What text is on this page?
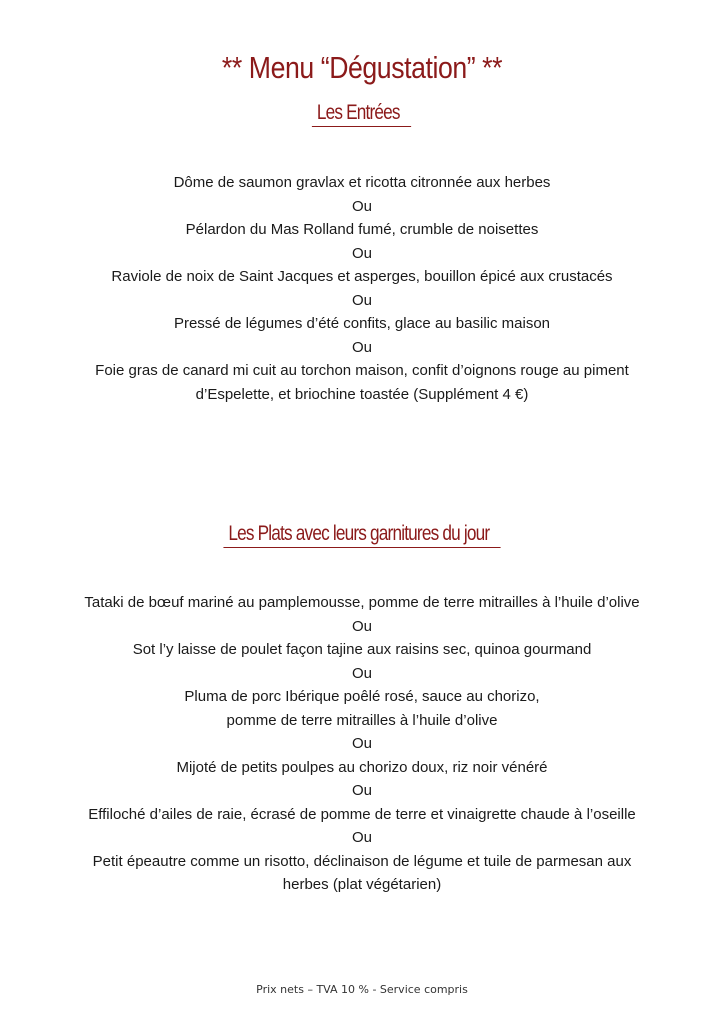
** Menu “Dégustation” **
Les Entrées
Dôme de saumon gravlax et ricotta citronnée aux herbes
Ou
Pélardon du Mas Rolland fumé, crumble de noisettes
Ou
Raviole de noix de Saint Jacques et asperges, bouillon épicé aux crustacés
Ou
Pressé de légumes d’été confits, glace au basilic maison
Ou
Foie gras de canard mi cuit au torchon maison, confit d’oignons rouge au piment
d’Espelette, et briochine toastée (Supplément 4 €)
Les Plats avec leurs garnitures du jour
Tataki de bœuf mariné au pamplemousse, pomme de terre mitrailles à l’huile d’olive
Ou
Sot l’y laisse de poulet façon tajine aux raisins sec, quinoa gourmand
Ou
Pluma de porc Ibérique poêlé rosé, sauce au chorizo,
pomme de terre mitrailles à l’huile d’olive
Ou
Mijoté de petits poulpes au chorizo doux, riz noir vénéré
Ou
Effiloché d’ailes de raie, écrasé de pomme de terre et vinaigrette chaude à l’oseille
Ou
Petit épeautre comme un risotto, déclinaison de légume et tuile de parmesan aux
herbes (plat végétarien)
Prix nets – TVA 10 % - Service compris
